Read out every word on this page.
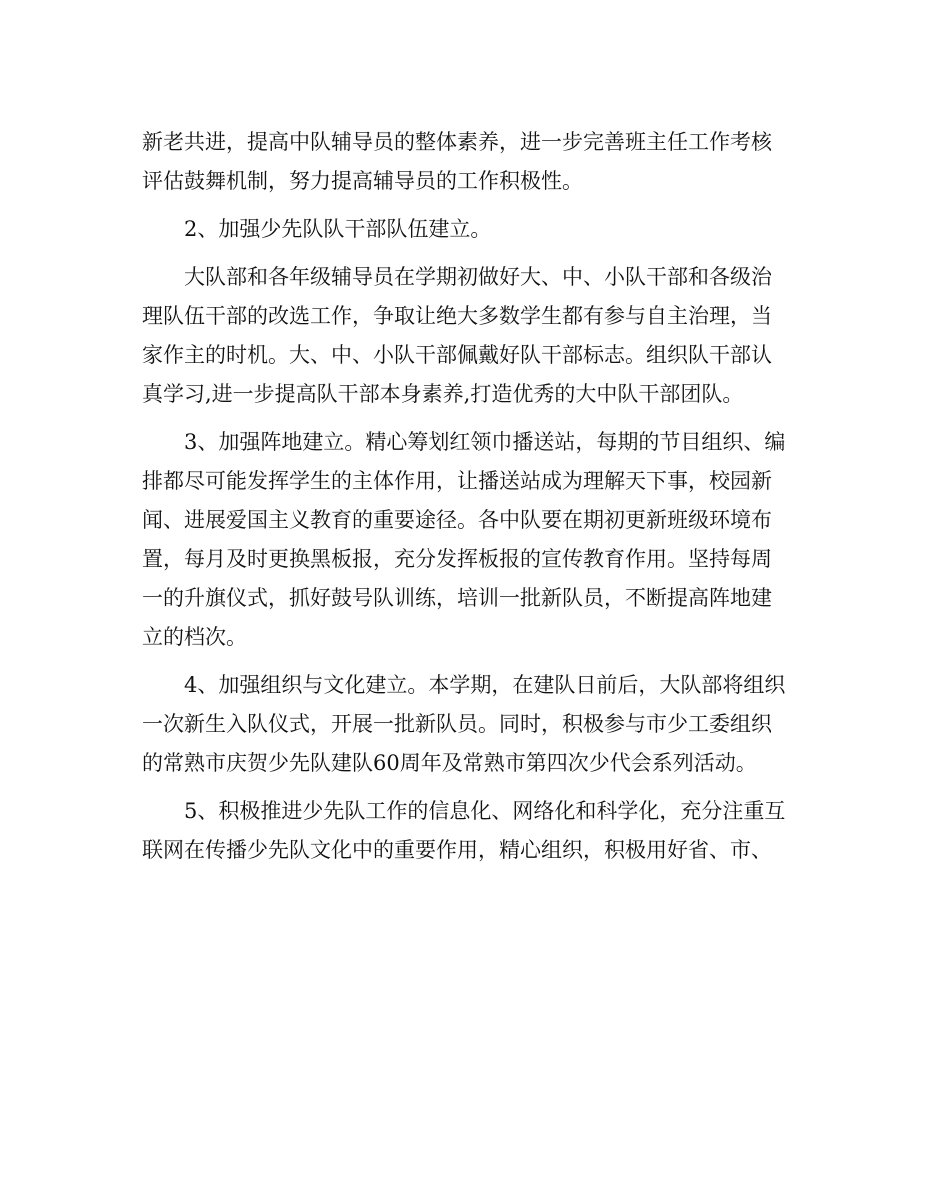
新老共进，提高中队辅导员的整体素养，进一步完善班主任工作考核
评估鼓舞机制，努力提高辅导员的工作积极性。
2、加强少先队队干部队伍建立。
大队部和各年级辅导员在学期初做好大、中、小队干部和各级治
理队伍干部的改选工作，争取让绝大多数学生都有参与自主治理，当
家作主的时机。大、中、小队干部佩戴好队干部标志。组织队干部认
真学习,进一步提高队干部本身素养,打造优秀的大中队干部团队。
3、加强阵地建立。精心筹划红领巾播送站，每期的节目组织、编
排都尽可能发挥学生的主体作用，让播送站成为理解天下事，校园新
闻、进展爱国主义教育的重要途径。各中队要在期初更新班级环境布
置，每月及时更换黑板报，充分发挥板报的宣传教育作用。坚持每周
一的升旗仪式，抓好鼓号队训练，培训一批新队员，不断提高阵地建
立的档次。
4、加强组织与文化建立。本学期，在建队日前后，大队部将组织
一次新生入队仪式，开展一批新队员。同时，积极参与市少工委组织
的常熟市庆贺少先队建队60周年及常熟市第四次少代会系列活动。
5、积极推进少先队工作的信息化、网络化和科学化，充分注重互
联网在传播少先队文化中的重要作用，精心组织，积极用好省、市、
